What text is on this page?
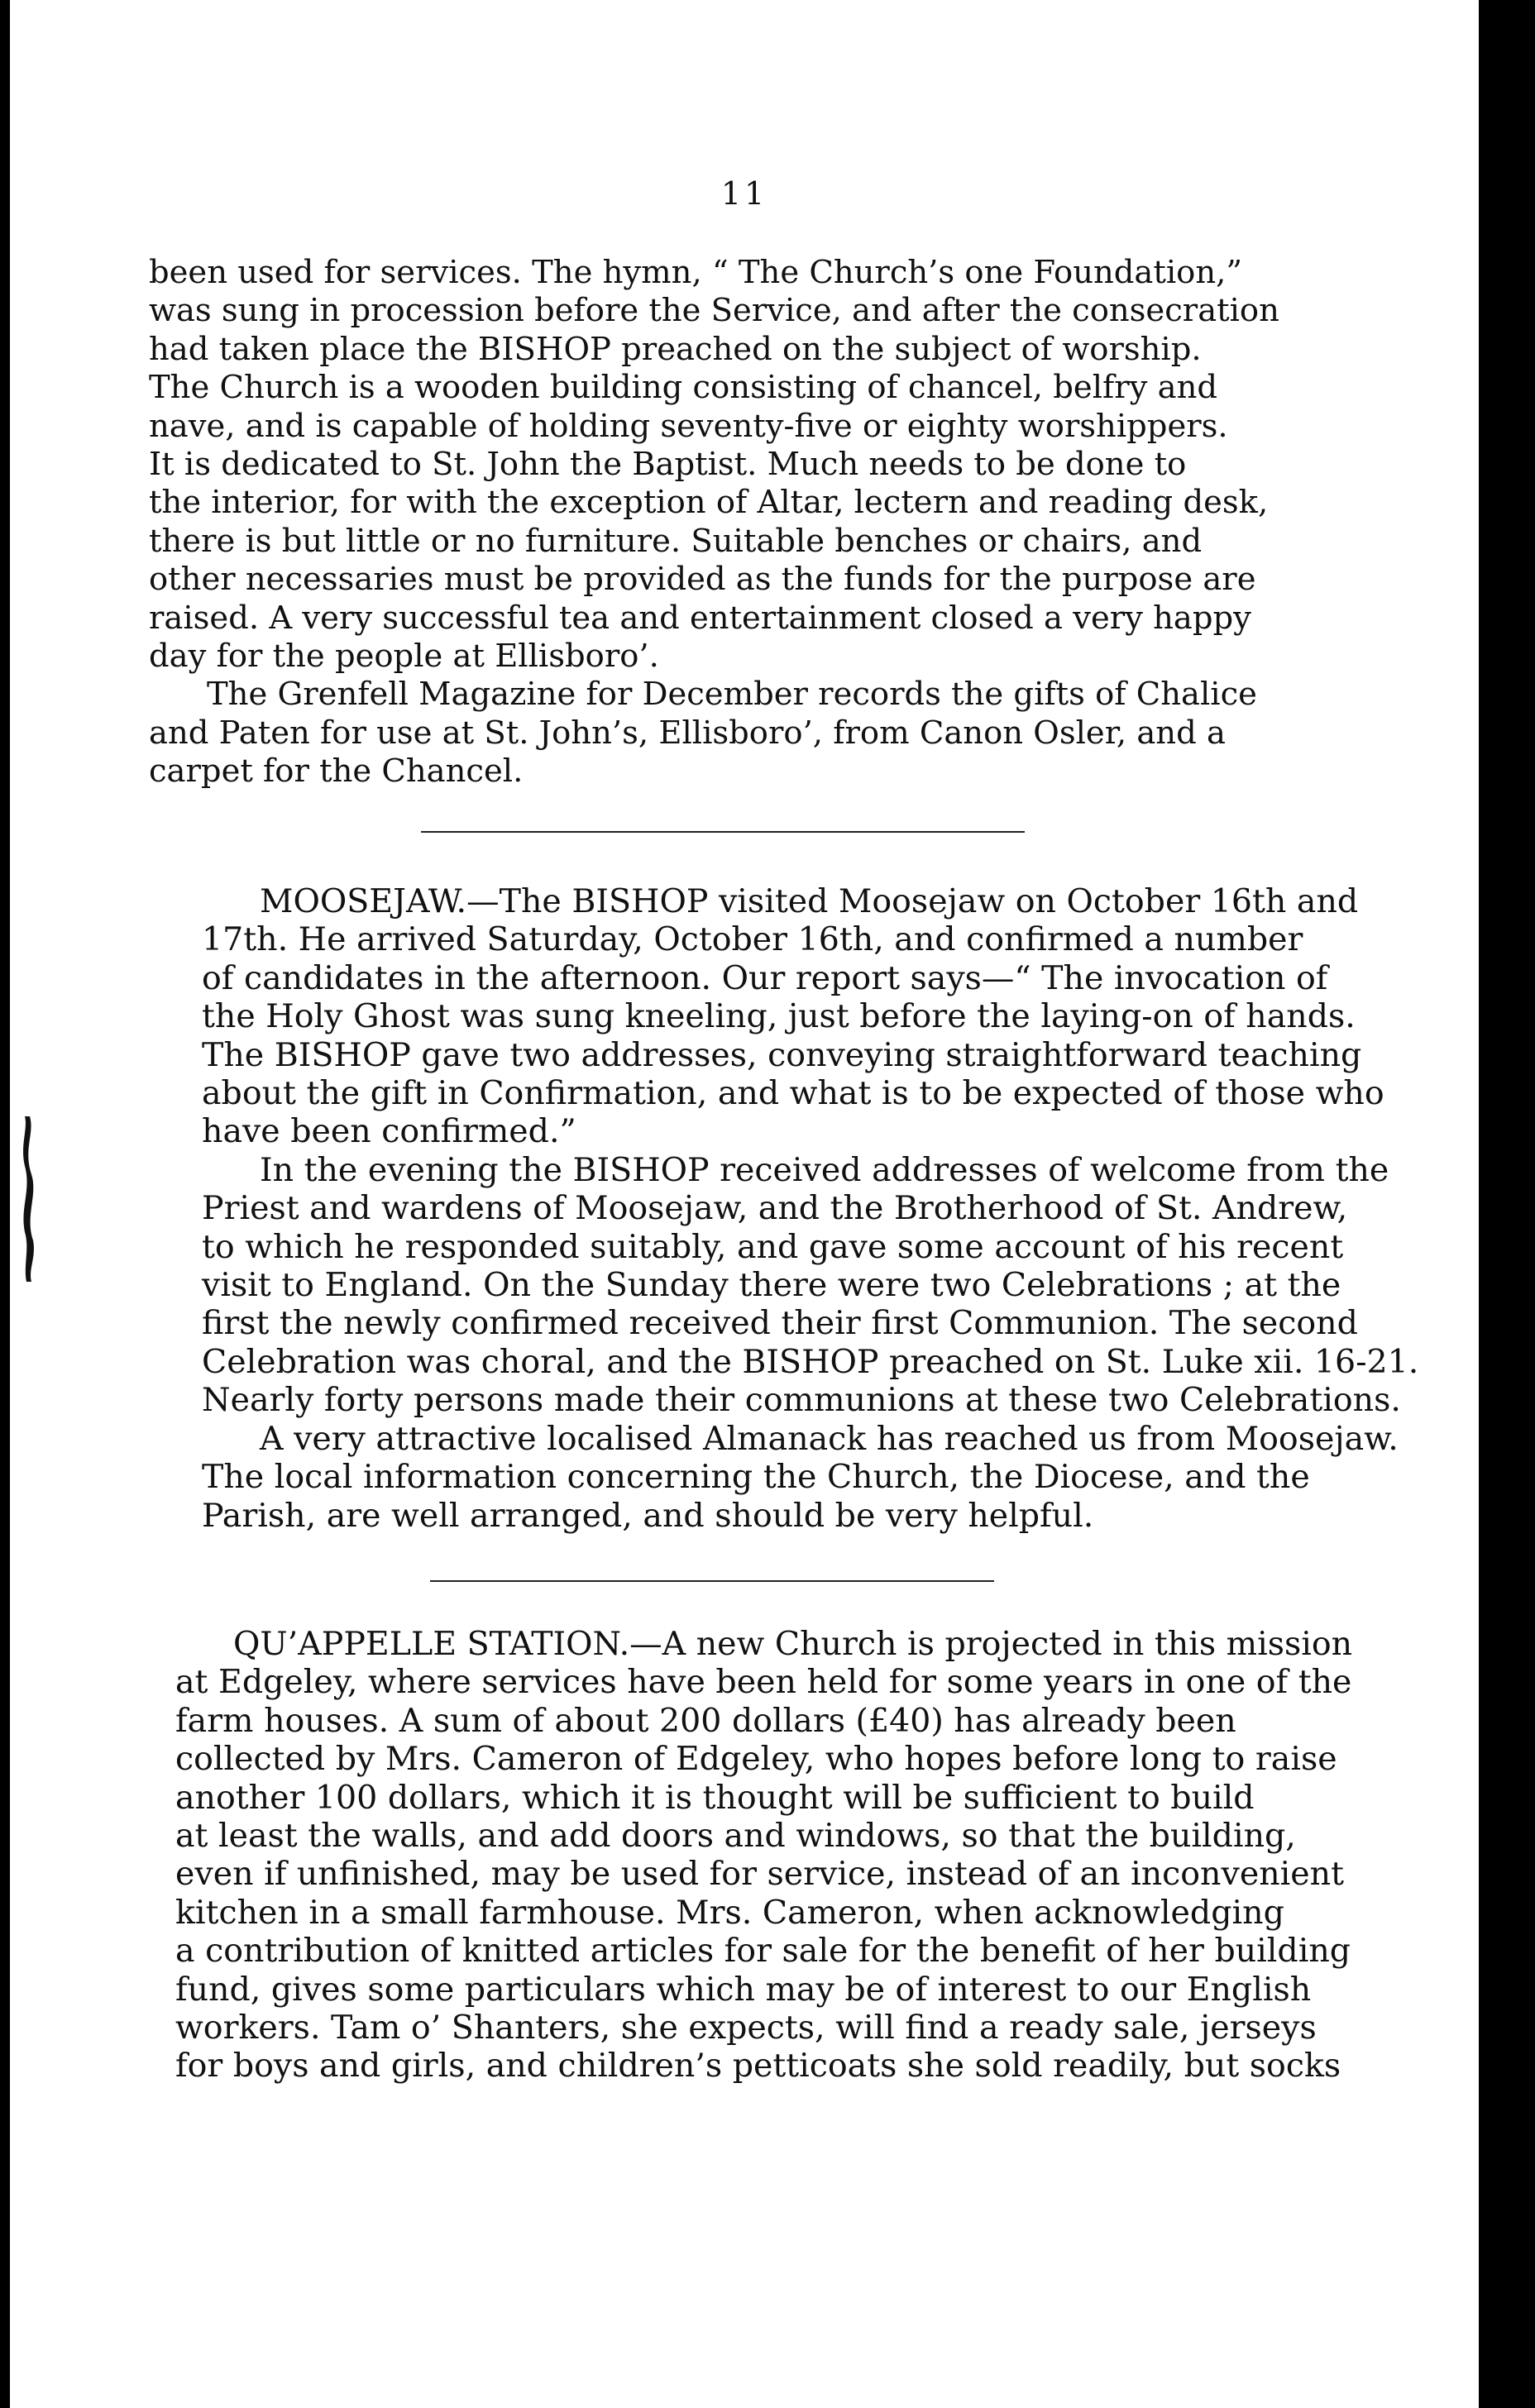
11
been used for services. The hymn, “ The Church’s one Foundation,”
was sung in procession before the Service, and after the consecration
had taken place the BISHOP preached on the subject of worship.
The Church is a wooden building consisting of chancel, belfry and
nave, and is capable of holding seventy-five or eighty worshippers.
It is dedicated to St. John the Baptist. Much needs to be done to
the interior, for with the exception of Altar, lectern and reading desk,
there is but little or no furniture. Suitable benches or chairs, and
other necessaries must be provided as the funds for the purpose are
raised. A very successful tea and entertainment closed a very happy
day for the people at Ellisboro’.
The Grenfell Magazine for December records the gifts of Chalice
and Paten for use at St. John’s, Ellisboro’, from Canon Osler, and a
carpet for the Chancel.
MOOSEJAW.—The BISHOP visited Moosejaw on October 16th and
17th. He arrived Saturday, October 16th, and confirmed a number
of candidates in the afternoon. Our report says—“ The invocation of
the Holy Ghost was sung kneeling, just before the laying-on of hands.
The BISHOP gave two addresses, conveying straightforward teaching
about the gift in Confirmation, and what is to be expected of those who
have been confirmed.”
In the evening the BISHOP received addresses of welcome from the
Priest and wardens of Moosejaw, and the Brotherhood of St. Andrew,
to which he responded suitably, and gave some account of his recent
visit to England. On the Sunday there were two Celebrations ; at the
first the newly confirmed received their first Communion. The second
Celebration was choral, and the BISHOP preached on St. Luke xii. 16-21.
Nearly forty persons made their communions at these two Celebrations.
A very attractive localised Almanack has reached us from Moosejaw.
The local information concerning the Church, the Diocese, and the
Parish, are well arranged, and should be very helpful.
QU’APPELLE STATION.—A new Church is projected in this mission
at Edgeley, where services have been held for some years in one of the
farm houses. A sum of about 200 dollars (£40) has already been
collected by Mrs. Cameron of Edgeley, who hopes before long to raise
another 100 dollars, which it is thought will be sufficient to build
at least the walls, and add doors and windows, so that the building,
even if unfinished, may be used for service, instead of an inconvenient
kitchen in a small farmhouse. Mrs. Cameron, when acknowledging
a contribution of knitted articles for sale for the benefit of her building
fund, gives some particulars which may be of interest to our English
workers. Tam o’ Shanters, she expects, will find a ready sale, jerseys
for boys and girls, and children’s petticoats she sold readily, but socks
